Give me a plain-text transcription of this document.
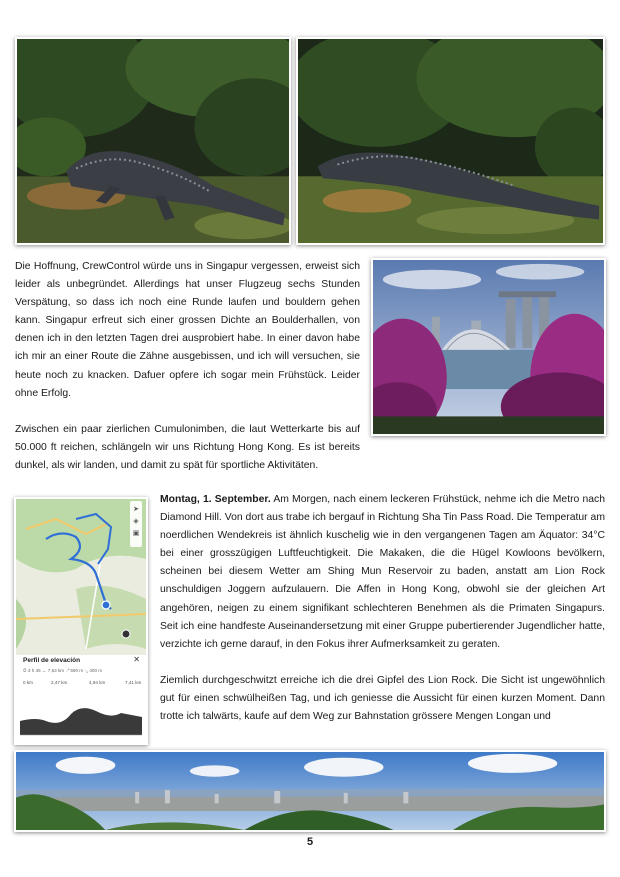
Die Hoffnung, CrewControl würde uns in Singapur vergessen, erweist sich leider als unbegründet. Allerdings hat unser Flugzeug sechs Stunden Verspätung, so dass ich noch eine Runde laufen und bouldern gehen kann. Singapur erfreut sich einer grossen Dichte an Boulderhallen, von denen ich in den letzten Tagen drei ausprobiert habe. In einer davon habe ich mir an einer Route die Zähne ausgebissen, und ich will versuchen, sie heute noch zu knacken. Dafuer opfere ich sogar mein Frühstück. Leider ohne Erfolg.

Zwischen ein paar zierlichen Cumulonimben, die laut Wetterkarte bis auf 50.000 ft reichen, schlängeln wir uns Richtung Hong Kong. Es ist bereits dunkel, als wir landen, und damit zu spät für sportliche Aktivitäten.

➤
◈
▣
Perfil de elevación	✕
⏱ 3 h 45 ↔ 7,63 km ↗ 590 m ↘ 400 m
0 km	2,47 km	4,94 km	7,41 km

Montag, 1. September. Am Morgen, nach einem leckeren Frühstück, nehme ich die Metro nach Diamond Hill. Von dort aus trabe ich bergauf in Richtung Sha Tin Pass Road. Die Temperatur am noerdlichen Wendekreis ist ähnlich kuschelig wie in den vergangenen Tagen am Äquator: 34°C bei einer grosszügigen Luftfeuchtigkeit. Die Makaken, die die Hügel Kowloons bevölkern, scheinen bei diesem Wetter am Shing Mun Reservoir zu baden, anstatt am Lion Rock unschuldigen Joggern aufzulauern. Die Affen in Hong Kong, obwohl sie der gleichen Art angehören, neigen zu einem signifikant schlechteren Benehmen als die Primaten Singapurs. Seit ich eine handfeste Auseinandersetzung mit einer Gruppe pubertierender Jugendlicher hatte, verzichte ich gerne darauf, in den Fokus ihrer Aufmerksamkeit zu geraten.

Ziemlich durchgeschwitzt erreiche ich die drei Gipfel des Lion Rock. Die Sicht ist ungewöhnlich gut für einen schwülheißen Tag, und ich geniesse die Aussicht für einen kurzen Moment. Dann trotte ich talwärts, kaufe auf dem Weg zur Bahnstation grössere Mengen Longan und

5
